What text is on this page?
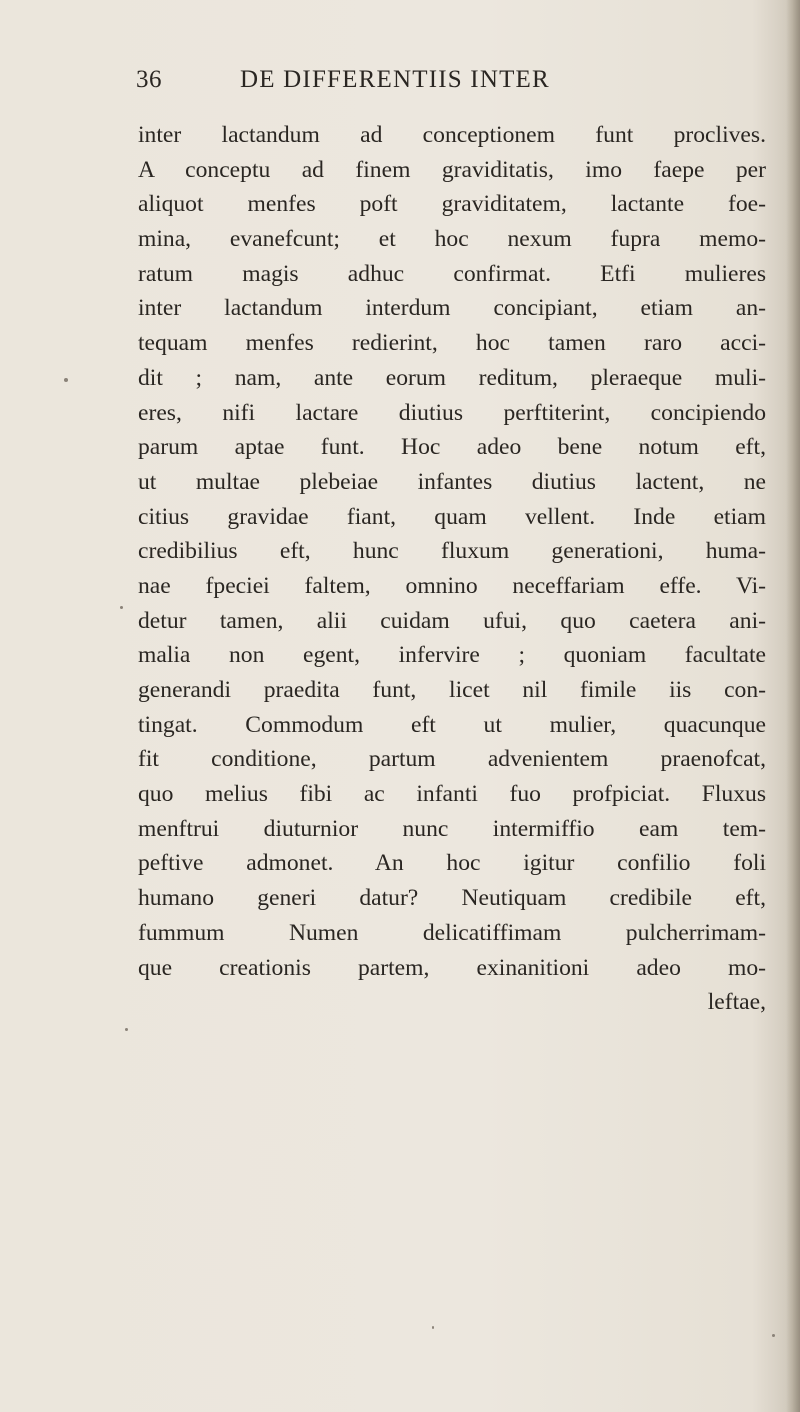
36	DE DIFFERENTIIS INTER
inter lactandum ad conceptionem funt proclives.
A conceptu ad finem graviditatis, imo faepe per
aliquot menfes poft graviditatem, lactante foe-
mina, evanefcunt; et hoc nexum fupra memo-
ratum magis adhuc confirmat. Etfi mulieres
inter lactandum interdum concipiant, etiam an-
tequam menfes redierint, hoc tamen raro acci-
dit ; nam, ante eorum reditum, pleraeque muli-
eres, nifi lactare diutius perftiterint, concipiendo
parum aptae funt. Hoc adeo bene notum eft,
ut multae plebeiae infantes diutius lactent, ne
citius gravidae fiant, quam vellent. Inde etiam
credibilius eft, hunc fluxum generationi, huma-
nae fpeciei faltem, omnino neceffariam effe. Vi-
detur tamen, alii cuidam ufui, quo caetera ani-
malia non egent, infervire ; quoniam facultate
generandi praedita funt, licet nil fimile iis con-
tingat. Commodum eft ut mulier, quacunque
fit conditione, partum advenientem praenofcat,
quo melius fibi ac infanti fuo profpiciat. Fluxus
menftrui diuturnior nunc intermiffio eam tem-
peftive admonet. An hoc igitur confilio foli
humano generi datur? Neutiquam credibile eft,
fummum Numen delicatiffimam pulcherrimam-
que creationis partem, exinanitioni adeo mo-
leftae,
